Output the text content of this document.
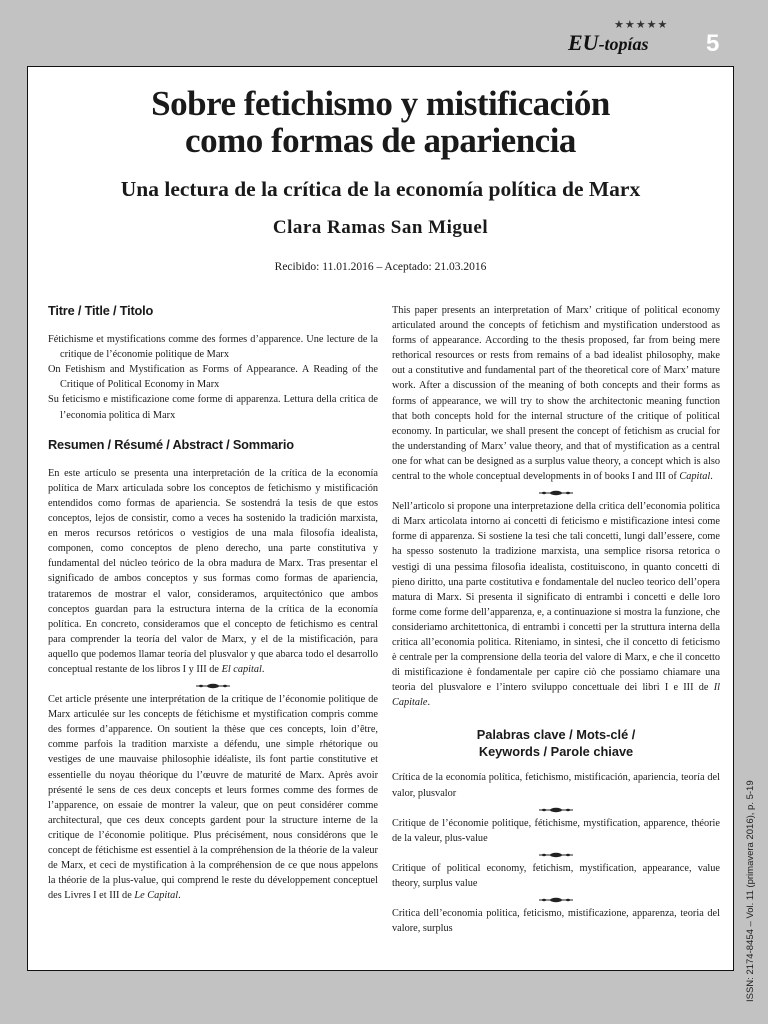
★★★★★
EU-topías 5
Sobre fetichismo y mistificación
como formas de apariencia
Una lectura de la crítica de la economía política de Marx
Clara Ramas San Miguel
Recibido: 11.01.2016 – Aceptado: 21.03.2016

Titre / Title / Titolo

Fétichisme et mystifications comme des formes d’apparence. Une lecture de la critique de l’économie politique de Marx

On Fetishism and Mystification as Forms of Appearance. A Reading of the Critique of Political Economy in Marx

Su feticismo e mistificazione come forme di apparenza. Lettura della critica de l’economia politica di Marx

Resumen / Résumé / Abstract / Sommario

En este artículo se presenta una interpretación de la crítica de la economía política de Marx articulada sobre los conceptos de fetichismo y mistificación entendidos como formas de apariencia. Se sostendrá la tesis de que estos conceptos, lejos de consistir, como a veces ha sostenido la tradición marxista, en meros recursos retóricos o vestigios de una mala filosofía idealista, componen, como conceptos de pleno derecho, una parte constitutiva y fundamental del núcleo teórico de la obra madura de Marx. Tras presentar el significado de ambos conceptos y sus formas como formas de apariencia, trataremos de mostrar el valor, consideramos, arquitectónico que ambos conceptos guardan para la estructura interna de la crítica de la economía política. En concreto, consideramos que el concepto de fetichismo es central para comprender la teoría del valor de Marx, y el de la mistificación, para aquello que podemos llamar teoría del plusvalor y que abarca todo el desarrollo conceptual restante de los libros I y III de El capital.

Cet article présente une interprétation de la critique de l’économie politique de Marx articulée sur les concepts de fétichisme et mystification compris comme des formes d’apparence. On soutient la thèse que ces concepts, loin d’être, comme parfois la tradition marxiste a défendu, une simple rhétorique ou vestiges de une mauvaise philosophie idéaliste, ils font partie constitutive et essentielle du noyau théorique du l’œuvre de maturité de Marx. Après avoir présenté le sens de ces deux concepts et leurs formes comme des formes de l’apparence, on essaie de montrer la valeur, que on peut considérer comme architectural, que ces deux concepts gardent pour la structure interne de la critique de l’économie politique. Plus précisément, nous considérons que le concept de fétichisme est essentiel à la compréhension de la théorie de la valeur de Marx, et ceci de mystification à la compréhension de ce que nous appelons la théorie de la plus-value, qui comprend le reste du développement conceptuel des Livres I et III de Le Capital.

This paper presents an interpretation of Marx’ critique of political economy articulated around the concepts of fetichism and mystification understood as forms of appearance. According to the thesis proposed, far from being mere rethorical resources or rests from remains of a bad idealist philosophy, make out a constitutive and fundamental part of the theoretical core of Marx’ mature work. After a discussion of the meaning of both concepts and their forms as forms of appearance, we will try to show the architectonic meaning function that both concepts hold for the internal structure of the critique of political economy. In particular, we shall present the concept of fetichism as crucial for the understanding of Marx’ value theory, and that of mystification as a central one for what can be designed as a surplus value theory, a concept which is also central to the whole conceptual developments in of books I and III of Capital.

Nell’articolo si propone una interpretazione della critica dell’economia politica di Marx articolata intorno ai concetti di feticismo e mistificazione intesi come forme di apparenza. Si sostiene la tesi che tali concetti, lungi dall’essere, come ha spesso sostenuto la tradizione marxista, una semplice risorsa retorica o vestigi di una pessima filosofia idealista, costituiscono, in quanto concetti di pieno diritto, una parte costitutiva e fondamentale del nucleo teorico dell’opera matura di Marx. Si presenta il significato di entrambi i concetti e delle loro forme come forme dell’apparenza, e, a continuazione si mostra la funzione, che consideriamo architettonica, di entrambi i concetti per la struttura interna della critica all’economia politica. Riteniamo, in sintesi, che il concetto di feticismo è centrale per la comprensione della teoria del valore di Marx, e che il concetto di mistificazione è fondamentale per capire ciò che possiamo chiamare una teoria del plusvalore e l’intero sviluppo concettuale dei libri I e III de Il Capitale.

Palabras clave / Mots-clé /

Keywords / Parole chiave

Crítica de la economía política, fetichismo, mistificación, apariencia, teoría del valor, plusvalor

Critique de l’économie politique, fétichisme, mystification, apparence, théorie de la valeur, plus-value

Critique of political economy, fetichism, mystification, appearance, value theory, surplus value

Critica dell’economia politica, feticismo, mistificazione, apparenza, teoria del valore, surplus	ISSN: 2174-8454 – Vol. 11 (primavera 2016), p. 5-19
